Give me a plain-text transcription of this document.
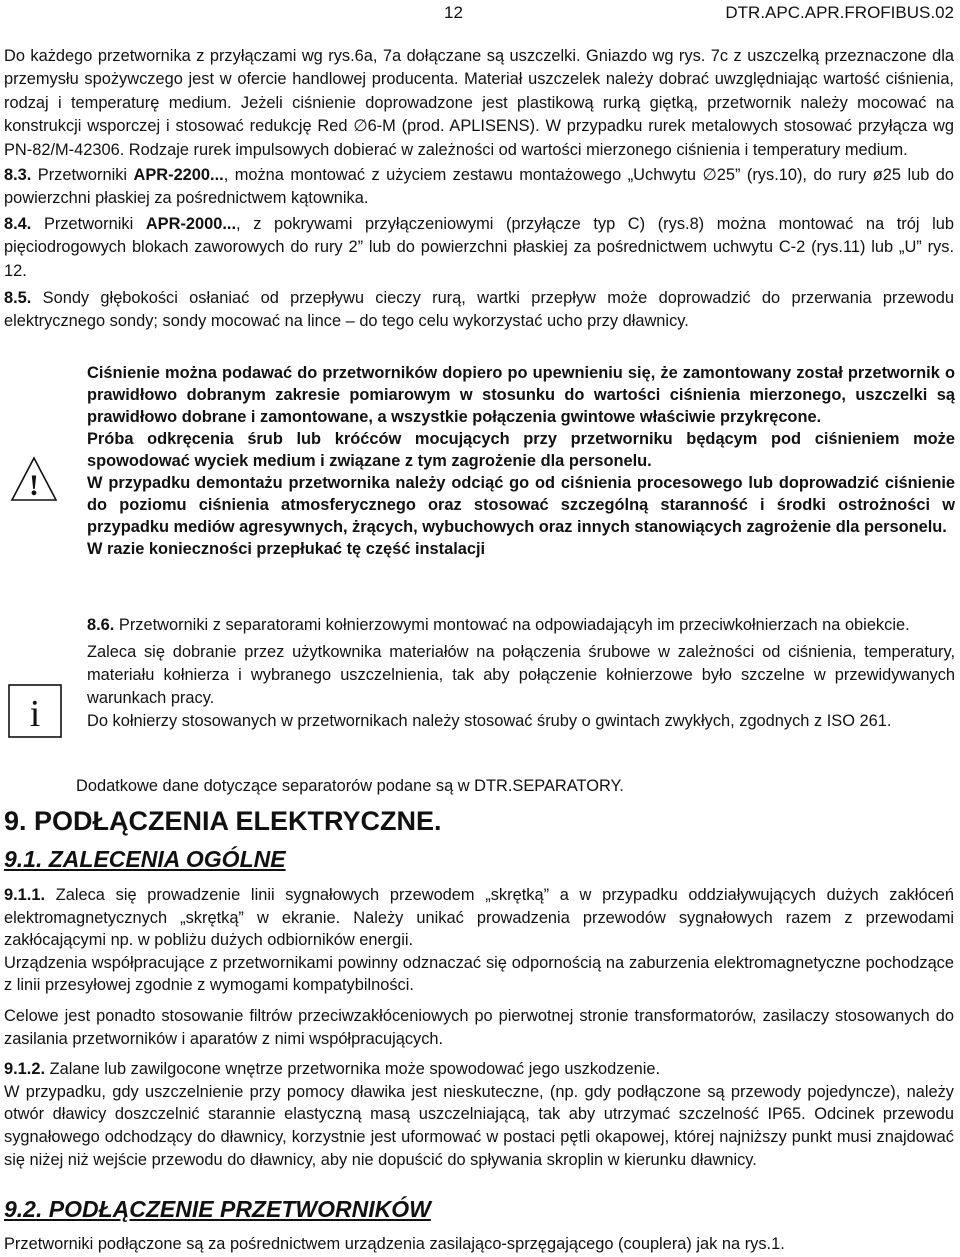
12	DTR.APC.APR.FROFIBUS.02

Do każdego przetwornika z przyłączami wg rys.6a, 7a dołączane są uszczelki. Gniazdo wg rys. 7c z uszczelką przeznaczone dla przemysłu spożywczego jest w ofercie handlowej producenta. Materiał uszczelek należy dobrać uwzględniając wartość ciśnienia, rodzaj i temperaturę medium. Jeżeli ciśnienie doprowadzone jest plastikową rurką giętką, przetwornik należy mocować na konstrukcji wsporczej i stosować redukcję Red ∅6-M (prod. APLISENS). W przypadku rurek metalowych stosować przyłącza wg PN-82/M-42306. Rodzaje rurek impulsowych dobierać w zależności od wartości mierzonego ciśnienia i temperatury medium.

8.3. Przetworniki APR-2200..., można montować z użyciem zestawu montażowego „Uchwytu ∅25” (rys.10), do rury ø25 lub do powierzchni płaskiej za pośrednictwem kątownika.

8.4. Przetworniki APR-2000..., z pokrywami przyłączeniowymi (przyłącze typ C) (rys.8) można montować na trój lub pięciodrogowych blokach zaworowych do rury 2” lub do powierzchni płaskiej za pośrednictwem uchwytu C-2 (rys.11) lub „U” rys. 12.

8.5. Sondy głębokości osłaniać od przepływu cieczy rurą, wartki przepływ może doprowadzić do przerwania przewodu elektrycznego sondy; sondy mocować na lince – do tego celu wykorzystać ucho przy dławnicy.

!

Ciśnienie można podawać do przetworników dopiero po upewnieniu się, że zamontowany został przetwornik o prawidłowo dobranym zakresie pomiarowym w stosunku do wartości ciśnienia mierzonego, uszczelki są prawidłowo dobrane i zamontowane, a wszystkie połączenia gwintowe właściwie przykręcone.

Próba odkręcenia śrub lub króćców mocujących przy przetworniku będącym pod ciśnieniem może spowodować wyciek medium i związane z tym zagrożenie dla personelu.

W przypadku demontażu przetwornika należy odciąć go od ciśnienia procesowego lub doprowadzić ciśnienie do poziomu ciśnienia atmosferycznego oraz stosować szczególną staranność i środki ostrożności w przypadku mediów agresywnych, żrących, wybuchowych oraz innych stanowiących zagrożenie dla personelu.

W razie konieczności przepłukać tę część instalacji

i

8.6. Przetworniki z separatorami kołnierzowymi montować na odpowiadającyh im przeciwkołnierzach na obiekcie.

Zaleca się dobranie przez użytkownika materiałów na połączenia śrubowe w zależności od ciśnienia, temperatury, materiału kołnierza i wybranego uszczelnienia, tak aby połączenie kołnierzowe było szczelne w przewidywanych warunkach pracy.

Do kołnierzy stosowanych w przetwornikach należy stosować śruby o gwintach zwykłych, zgodnych z ISO 261.

Dodatkowe dane dotyczące separatorów podane są w DTR.SEPARATORY.
9. PODŁĄCZENIA ELEKTRYCZNE.
9.1. ZALECENIA OGÓLNE

9.1.1. Zaleca się prowadzenie linii sygnałowych przewodem „skrętką” a w przypadku oddziaływujących dużych zakłóceń elektromagnetycznych „skrętką” w ekranie. Należy unikać prowadzenia przewodów sygnałowych razem z przewodami zakłócającymi np. w pobliżu dużych odbiorników energii.

Urządzenia współpracujące z przetwornikami powinny odznaczać się odpornością na zaburzenia elektromagnetyczne pochodzące z linii przesyłowej zgodnie z wymogami kompatybilności.

Celowe jest ponadto stosowanie filtrów przeciwzakłóceniowych po pierwotnej stronie transformatorów, zasilaczy stosowanych do zasilania przetworników i aparatów z nimi współpracujących.

9.1.2. Zalane lub zawilgocone wnętrze przetwornika może spowodować jego uszkodzenie.

W przypadku, gdy uszczelnienie przy pomocy dławika jest nieskuteczne, (np. gdy podłączone są przewody pojedyncze), należy otwór dławicy doszczelnić starannie elastyczną masą uszczelniającą, tak aby utrzymać szczelność IP65. Odcinek przewodu sygnałowego odchodzący do dławnicy, korzystnie jest uformować w postaci pętli okapowej, której najniższy punkt musi znajdować się niżej niż wejście przewodu do dławnicy, aby nie dopuścić do spływania skroplin w kierunku dławnicy.

9.2. PODŁĄCZENIE PRZETWORNIKÓW
Przetworniki podłączone są za pośrednictwem urządzenia zasilająco-sprzęgającego (couplera) jak na rys.1.
